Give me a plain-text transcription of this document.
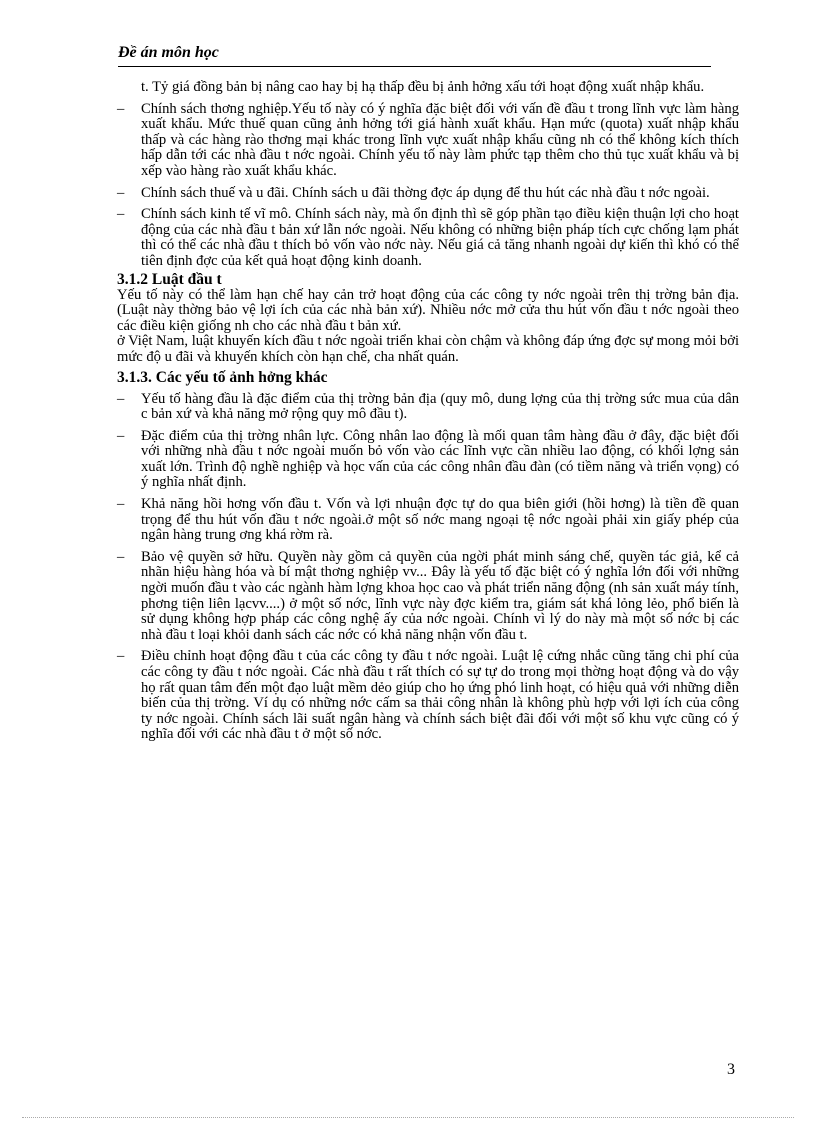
Đề án môn học

t. Tỷ giá đồng bản bị nâng cao hay bị hạ thấp đều bị ảnh hởng xấu tới hoạt động xuất nhập khẩu.

– Chính sách thơng nghiệp.Yếu tố này có ý nghĩa đặc biệt đối với vấn đề đầu t trong lĩnh vực làm hàng xuất khẩu. Mức thuế quan cũng ảnh hởng tới giá hành xuất khẩu. Hạn mức (quota) xuất nhập khẩu thấp và các hàng rào thơng mại khác trong lĩnh vực xuất nhập khẩu cũng nh có thể không kích thích hấp dẫn tới các nhà đầu t nớc ngoài. Chính yếu tố này làm phức tạp thêm cho thủ tục xuất khẩu và bị xếp vào hàng rào xuất khẩu khác.

– Chính sách thuế và u đãi. Chính sách u đãi thờng đợc áp dụng để thu hút các nhà đầu t nớc ngoài.

– Chính sách kinh tế vĩ mô. Chính sách này, mà ổn định thì sẽ góp phần tạo điều kiện thuận lợi cho hoạt động của các nhà đầu t bản xứ lẫn nớc ngoài. Nếu không có những biện pháp tích cực chống lạm phát thì có thể các nhà đầu t thích bỏ vốn vào nớc này. Nếu giá cả tăng nhanh ngoài dự kiến thì khó có thể tiên định đợc của kết quả hoạt động kinh doanh.

3.1.2 Luật đầu t

Yếu tố này có thể làm hạn chế hay cản trở hoạt động của các công ty nớc ngoài trên thị trờng bản địa. (Luật này thờng bảo vệ lợi ích của các nhà bản xứ). Nhiều nớc mở cửa thu hút vốn đầu t nớc ngoài theo các điều kiện giống nh cho các nhà đầu t bản xứ.

ở Việt Nam, luật khuyến kích đầu t nớc ngoài triển khai còn chậm và không đáp ứng đợc sự mong mỏi bởi mức độ u đãi và khuyến khích còn hạn chế, cha nhất quán.

3.1.3. Các yếu tố ảnh hởng khác
– Yếu tố hàng đầu là đặc điểm của thị trờng bản địa (quy mô, dung lợng của thị trờng sức mua của dân c bản xứ và khả năng mở rộng quy mô đầu t).

– Đặc điểm của thị trờng nhân lực. Công nhân lao động là mối quan tâm hàng đầu ở đây, đặc biệt đối với những nhà đầu t nớc ngoài muốn bỏ vốn vào các lĩnh vực cần nhiều lao động, có khối lợng sản xuất lớn. Trình độ nghề nghiệp và học vấn của các công nhân đầu đàn (có tiềm năng và triển vọng) có ý nghĩa nhất định.

– Khả năng hồi hơng vốn đầu t. Vốn và lợi nhuận đợc tự do qua biên giới (hồi hơng) là tiền đề quan trọng để thu hút vốn đầu t nớc ngoài.ở một số nớc mang ngoại tệ nớc ngoài phải xin giấy phép của ngân hàng trung ơng khá rờm rà.

– Bảo vệ quyền sở hữu. Quyền này gồm cả quyền của ngời phát minh sáng chế, quyền tác giả, kể cả nhãn hiệu hàng hóa và bí mật thơng nghiệp vv... Đây là yếu tố đặc biệt có ý nghĩa lớn đối với những ngời muốn đầu t vào các ngành hàm lợng khoa học cao và phát triển năng động (nh sản xuất máy tính, phơng tiện liên lạcvv....) ở một số nớc, lĩnh vực này đợc kiểm tra, giám sát khá lỏng lẻo, phổ biến là sử dụng không hợp pháp các công nghệ ấy của nớc ngoài. Chính vì lý do này mà một số nớc bị các nhà đầu t loại khỏi danh sách các nớc có khả năng nhận vốn đầu t.

– Điều chỉnh hoạt động đầu t của các công ty đầu t nớc ngoài. Luật lệ cứng nhắc cũng tăng chi phí của các công ty đầu t nớc ngoài. Các nhà đầu t rất thích có sự tự do trong mọi thờng hoạt động và do vậy họ rất quan tâm đến một đạo luật mềm dẻo giúp cho họ ứng phó linh hoạt, có hiệu quả với những diễn biến của thị trờng. Ví dụ có những nớc cấm sa thải công nhân là không phù hợp với lợi ích của công ty nớc ngoài. Chính sách lãi suất ngân hàng và chính sách biệt đãi đối với một số khu vực cũng có ý nghĩa đối với các nhà đầu t ở một số nớc.

3
